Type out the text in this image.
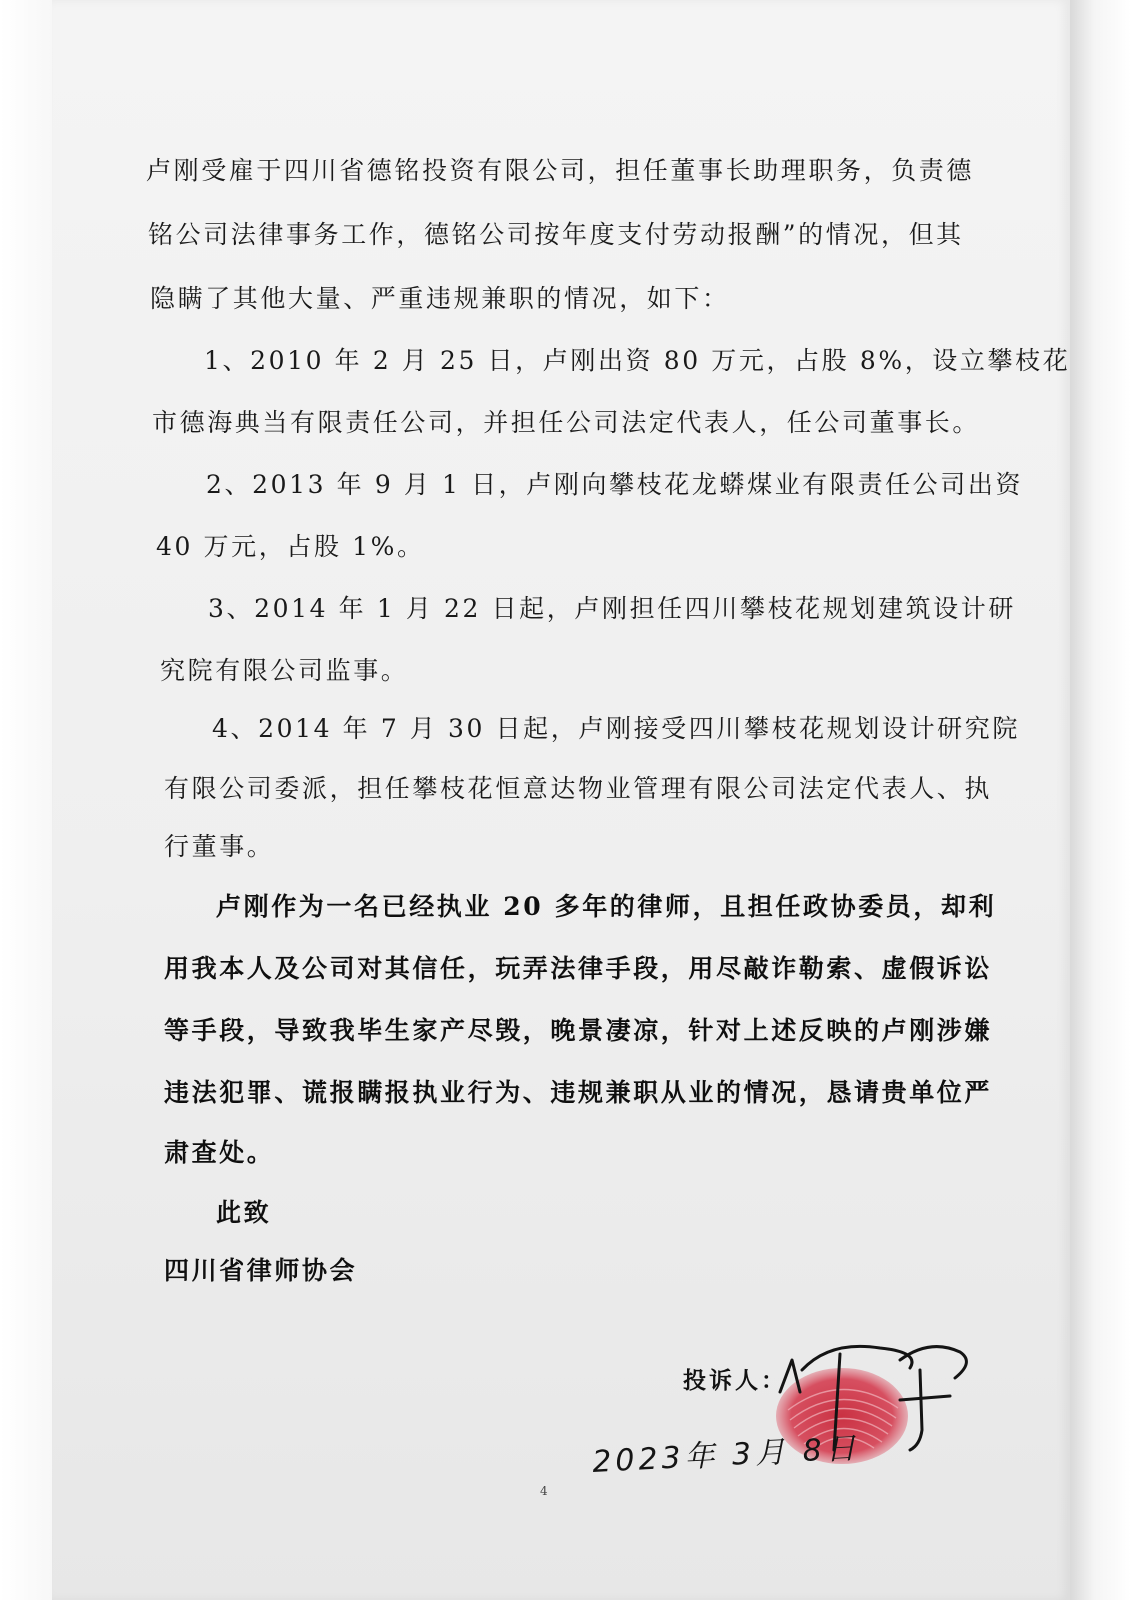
卢刚受雇于四川省德铭投资有限公司，担任董事长助理职务，负责德
铭公司法律事务工作，德铭公司按年度支付劳动报酬”的情况，但其
隐瞒了其他大量、严重违规兼职的情况，如下：
1、2010 年 2 月 25 日，卢刚出资 80 万元，占股 8%，设立攀枝花
市德海典当有限责任公司，并担任公司法定代表人，任公司董事长。
2、2013 年 9 月 1 日，卢刚向攀枝花龙蟒煤业有限责任公司出资
40 万元，占股 1%。
3、2014 年 1 月 22 日起，卢刚担任四川攀枝花规划建筑设计研
究院有限公司监事。
4、2014 年 7 月 30 日起，卢刚接受四川攀枝花规划设计研究院
有限公司委派，担任攀枝花恒意达物业管理有限公司法定代表人、执
行董事。
卢刚作为一名已经执业 20 多年的律师，且担任政协委员，却利
用我本人及公司对其信任，玩弄法律手段，用尽敲诈勒索、虚假诉讼
等手段，导致我毕生家产尽毁，晚景凄凉，针对上述反映的卢刚涉嫌
违法犯罪、谎报瞒报执业行为、违规兼职从业的情况，恳请贵单位严
肃查处。
此致
四川省律师协会
投诉人：
2023年 3月 8日
4
